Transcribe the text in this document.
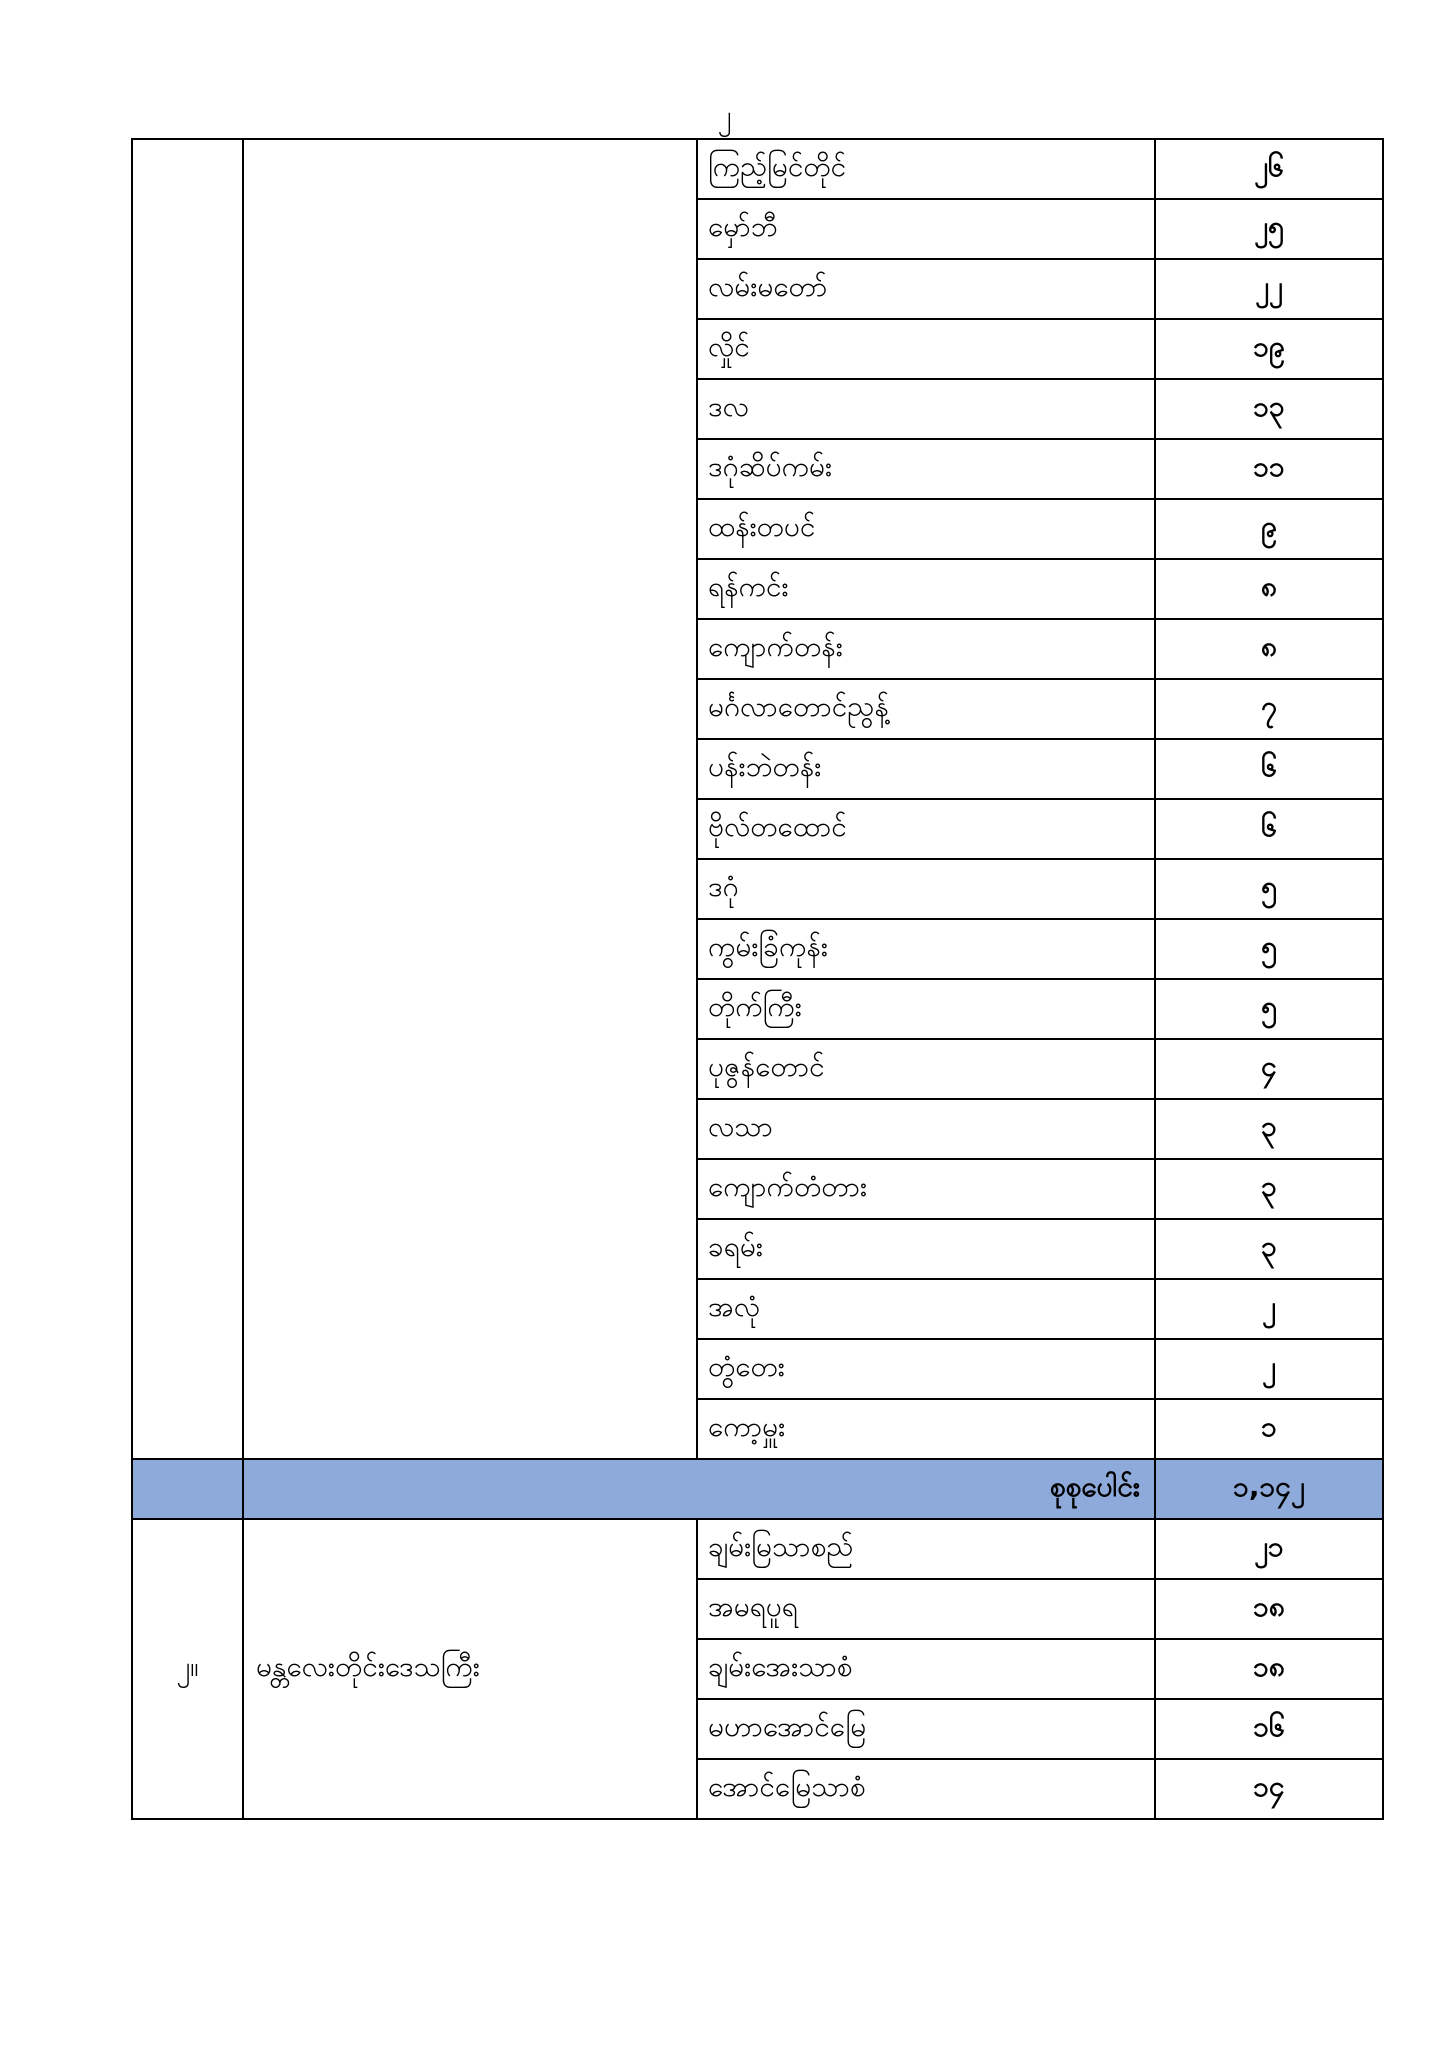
၂
		ကြည့်မြင်တိုင်	၂၆
		မှော်ဘီ	၂၅
		လမ်းမတော်	၂၂
		လှိုင်	၁၉
		ဒလ	၁၃
		ဒဂုံဆိပ်ကမ်း	၁၁
		ထန်းတပင်	၉
		ရန်ကင်း	၈
		ကျောက်တန်း	၈
		မင်္ဂလာတောင်ညွန့်	၇
		ပန်းဘဲတန်း	၆
		ဗိုလ်တထောင်	၆
		ဒဂုံ	၅
		ကွမ်းခြံကုန်း	၅
		တိုက်ကြီး	၅
		ပုဇွန်တောင်	၄
		လသာ	၃
		ကျောက်တံတား	၃
		ခရမ်း	၃
		အလုံ	၂
		တွံတေး	၂
		ကော့မှူး	၁
	စုစုပေါင်း		၁,၁၄၂
၂။	မန္တလေးတိုင်းဒေသကြီး	ချမ်းမြသာစည်	၂၁
		အမရပူရ	၁၈
		ချမ်းအေးသာစံ	၁၈
		မဟာအောင်မြေ	၁၆
		အောင်မြေသာစံ	၁၄
